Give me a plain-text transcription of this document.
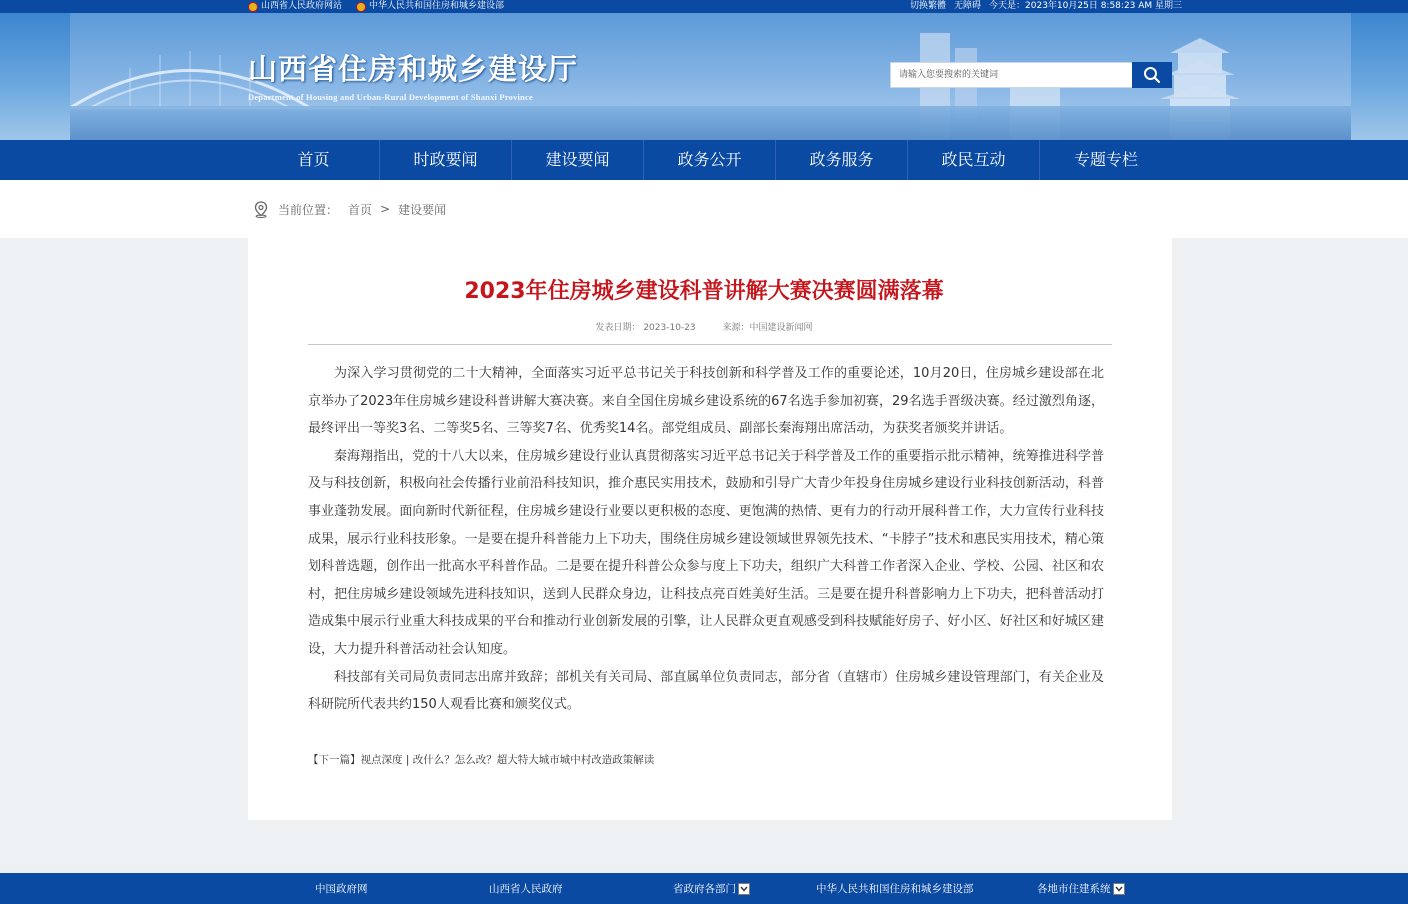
山西省人民政府网站	中华人民共和国住房和城乡建设部	切换繁體 无障碍 今天是：2023年10月25日 8:58:23 AM 星期三
山西省住房和城乡建设厅
Department of Housing and Urban-Rural Development of Shanxi Province
请输入您要搜索的关键词
首页	时政要闻	建设要闻	政务公开	政务服务	政民互动	专题专栏
当前位置： 首页 > 建设要闻
2023年住房城乡建设科普讲解大赛决赛圆满落幕
发表日期： 2023-10-23	来源：中国建设新闻网

为深入学习贯彻党的二十大精神，全面落实习近平总书记关于科技创新和科学普及工作的重要论述，10月20日，住房城乡建设部在北京举办了2023年住房城乡建设科普讲解大赛决赛。来自全国住房城乡建设系统的67名选手参加初赛，29名选手晋级决赛。经过激烈角逐，最终评出一等奖3名、二等奖5名、三等奖7名、优秀奖14名。部党组成员、副部长秦海翔出席活动，为获奖者颁奖并讲话。

秦海翔指出，党的十八大以来，住房城乡建设行业认真贯彻落实习近平总书记关于科学普及工作的重要指示批示精神，统筹推进科学普及与科技创新，积极向社会传播行业前沿科技知识，推介惠民实用技术，鼓励和引导广大青少年投身住房城乡建设行业科技创新活动，科普事业蓬勃发展。面向新时代新征程，住房城乡建设行业要以更积极的态度、更饱满的热情、更有力的行动开展科普工作，大力宣传行业科技成果，展示行业科技形象。一是要在提升科普能力上下功夫，围绕住房城乡建设领域世界领先技术、“卡脖子”技术和惠民实用技术，精心策划科普选题，创作出一批高水平科普作品。二是要在提升科普公众参与度上下功夫，组织广大科普工作者深入企业、学校、公园、社区和农村，把住房城乡建设领域先进科技知识，送到人民群众身边，让科技点亮百姓美好生活。三是要在提升科普影响力上下功夫，把科普活动打造成集中展示行业重大科技成果的平台和推动行业创新发展的引擎，让人民群众更直观感受到科技赋能好房子、好小区、好社区和好城区建设，大力提升科普活动社会认知度。

科技部有关司局负责同志出席并致辞；部机关有关司局、部直属单位负责同志，部分省（直辖市）住房城乡建设管理部门，有关企业及科研院所代表共约150人观看比赛和颁奖仪式。

【下一篇】视点深度 | 改什么？怎么改？超大特大城市城中村改造政策解读
中国政府网	山西省人民政府	省政府各部门	中华人民共和国住房和城乡建设部	各地市住建系统
